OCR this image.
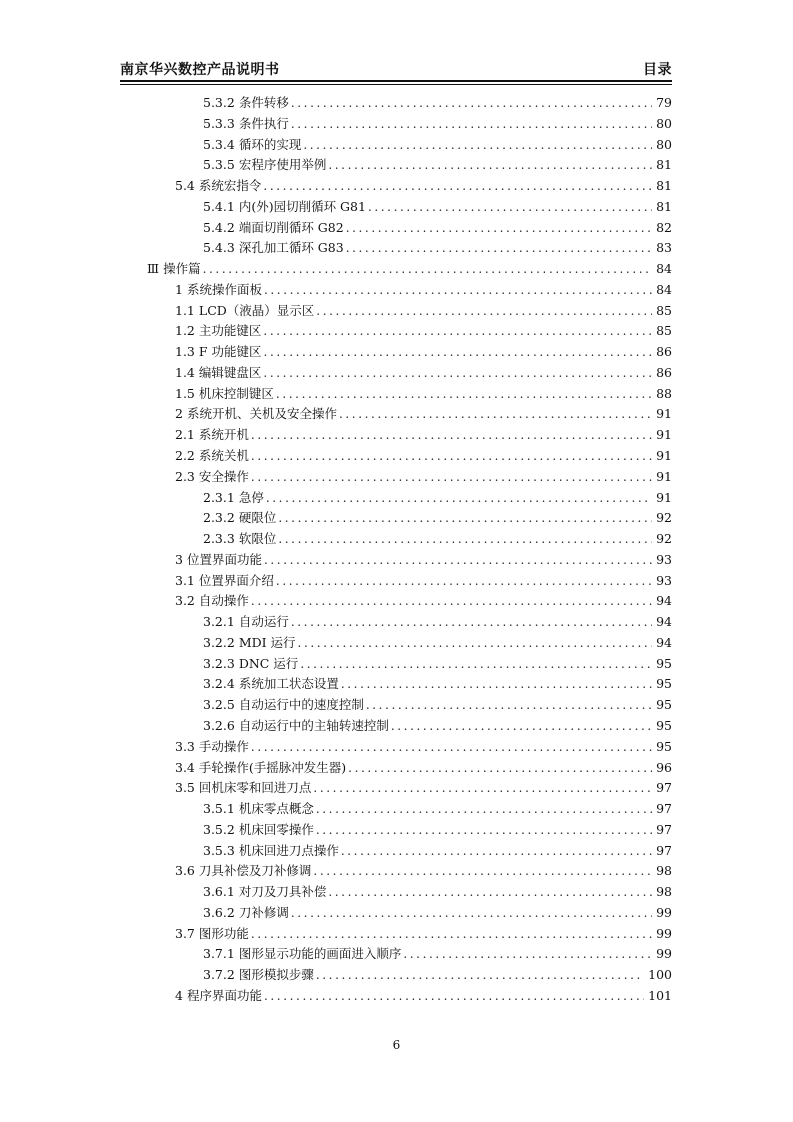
南京华兴数控产品说明书	目录
5.3.2 条件转移 .....	79
5.3.3 条件执行 .....	80
5.3.4 循环的实现 .....	80
5.3.5 宏程序使用举例 .....	81
5.4 系统宏指令 .....	81
5.4.1 内(外)园切削循环 G81 .....	81
5.4.2 端面切削循环 G82 .....	82
5.4.3 深孔加工循环 G83 .....	83
Ⅲ 操作篇 .....	84
1 系统操作面板 .....	84
1.1 LCD（液晶）显示区 .....	85
1.2 主功能键区 .....	85
1.3 F 功能键区 .....	86
1.4 编辑键盘区 .....	86
1.5 机床控制键区 .....	88
2 系统开机、关机及安全操作 .....	91
2.1 系统开机 .....	91
2.2 系统关机 .....	91
2.3 安全操作 .....	91
2.3.1 急停 .....	91
2.3.2 硬限位 .....	92
2.3.3 软限位 .....	92
3 位置界面功能 .....	93
3.1 位置界面介绍 .....	93
3.2 自动操作 .....	94
3.2.1 自动运行 .....	94
3.2.2 MDI 运行 .....	94
3.2.3 DNC 运行 .....	95
3.2.4 系统加工状态设置 .....	95
3.2.5 自动运行中的速度控制 .....	95
3.2.6 自动运行中的主轴转速控制 .....	95
3.3 手动操作 .....	95
3.4 手轮操作(手摇脉冲发生器) .....	96
3.5 回机床零和回进刀点 .....	97
3.5.1 机床零点概念 .....	97
3.5.2 机床回零操作 .....	97
3.5.3 机床回进刀点操作 .....	97
3.6 刀具补偿及刀补修调 .....	98
3.6.1 对刀及刀具补偿 .....	98
3.6.2 刀补修调 .....	99
3.7 图形功能 .....	99
3.7.1 图形显示功能的画面进入顺序 .....	99
3.7.2 图形模拟步骤 .....	100
4 程序界面功能 .....	101
6
